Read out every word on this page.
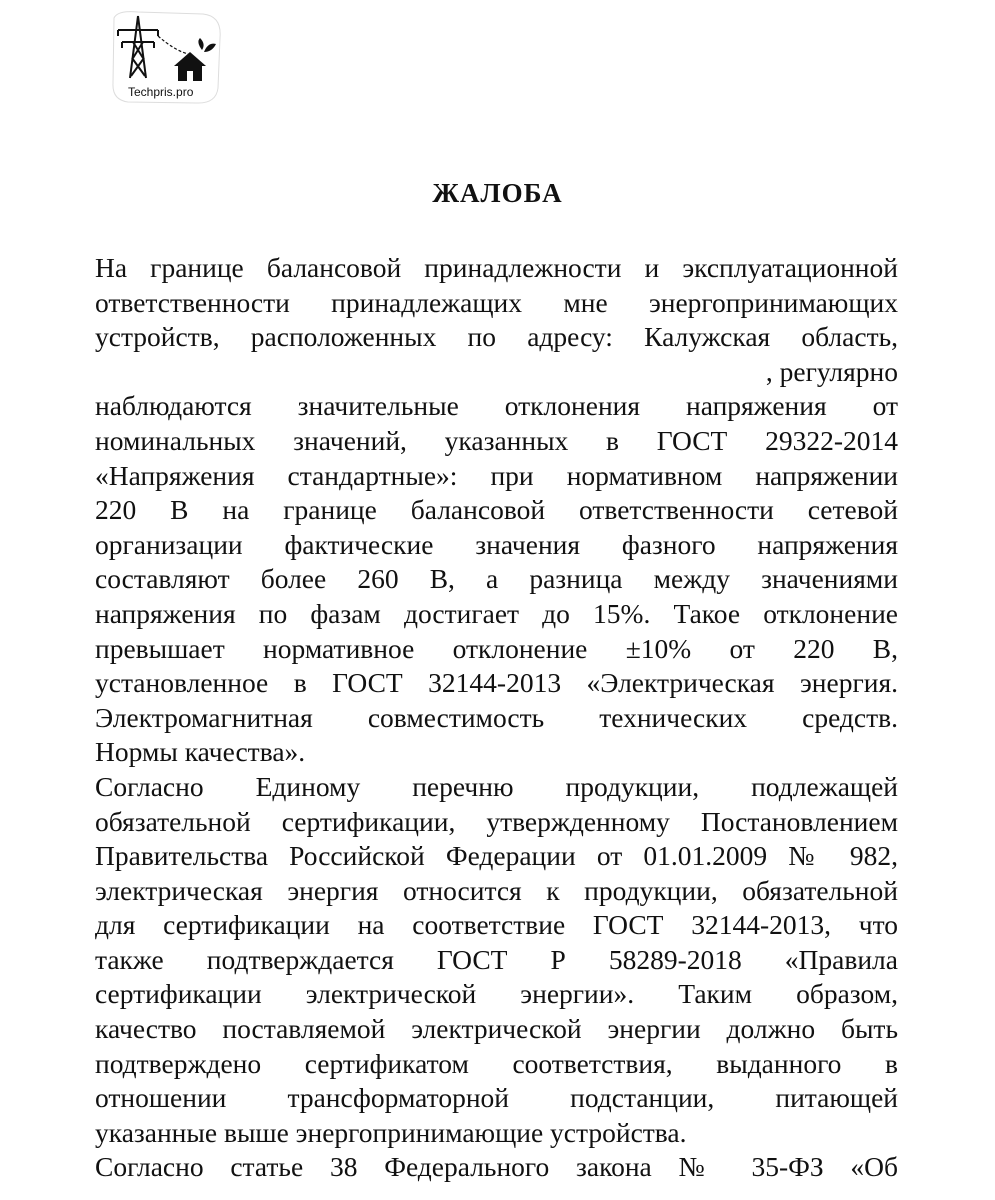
Techpris.pro
ЖАЛОБА

На границе балансовой принадлежности и эксплуатационной

ответственности принадлежащих мне энергопринимающих

устройств, расположенных по адресу: Калужская область,

, регулярно

наблюдаются значительные отклонения напряжения от

номинальных значений, указанных в ГОСТ 29322-2014

«Напряжения стандартные»: при нормативном напряжении

220 В на границе балансовой ответственности сетевой

организации фактические значения фазного напряжения

составляют более 260 В, а разница между значениями

напряжения по фазам достигает до 15%. Такое отклонение

превышает нормативное отклонение ±10% от 220 В,

установленное в ГОСТ 32144-2013 «Электрическая энергия.

Электромагнитная совместимость технических средств.

Нормы качества».

Согласно Единому перечню продукции, подлежащей

обязательной сертификации, утвержденному Постановлением

Правительства Российской Федерации от 01.01.2009 № 982,

электрическая энергия относится к продукции, обязательной

для сертификации на соответствие ГОСТ 32144-2013, что

также подтверждается ГОСТ Р 58289-2018 «Правила

сертификации электрической энергии». Таким образом,

качество поставляемой электрической энергии должно быть

подтверждено сертификатом соответствия, выданного в

отношении трансформаторной подстанции, питающей

указанные выше энергопринимающие устройства.

Согласно статье 38 Федерального закона № 35-ФЗ «Об
